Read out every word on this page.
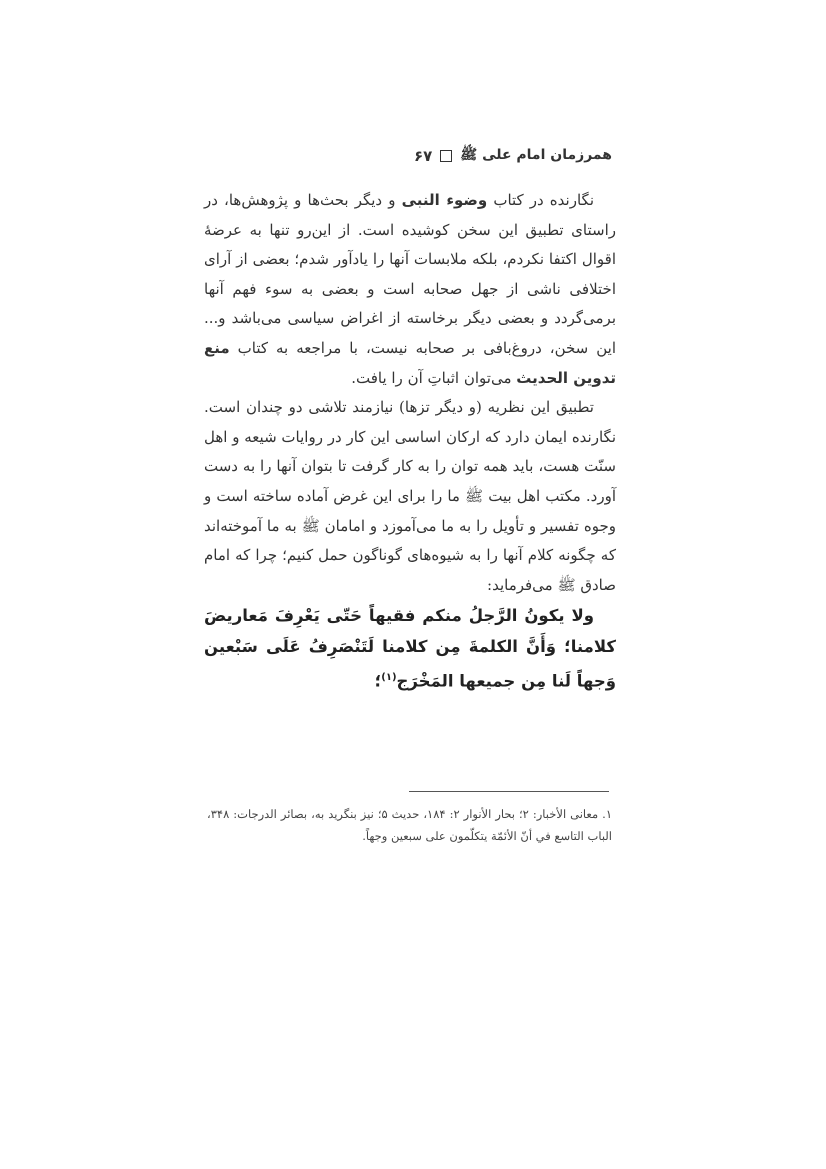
همرزمان امام علی ﷺ
۶۷

نگارنده در کتاب وضوء النبی و دیگر بحث‌ها و پژوهش‌ها، در راستای تطبیق این سخن کوشیده است. از این‌رو تنها به عرضهٔ اقوال اکتفا نکردم، بلکه ملابسات آنها را یادآور شدم؛ بعضی از آرای اختلافی ناشی از جهل صحابه است و بعضی به سوء فهم آنها برمی‌گردد و بعضی دیگر برخاسته از اغراض سیاسی می‌باشد و... این سخن، دروغ‌بافی بر صحابه نیست، با مراجعه به کتاب منع تدوین الحدیث می‌توان اثباتِ آن را یافت.

تطبیق این نظریه (و دیگر تزها) نیازمند تلاشی دو چندان است. نگارنده ایمان دارد که ارکان اساسی این کار در روایات شیعه و اهل سنّت هست، باید همه توان را به کار گرفت تا بتوان آنها را به دست آورد. مکتب اهل بیت ﷺ ما را برای این غرض آماده ساخته است و وجوه تفسیر و تأویل را به ما می‌آموزد و امامان ﷺ به ما آموخته‌اند که چگونه کلام آنها را به شیوه‌های گوناگون حمل کنیم؛ چرا که امام صادق ﷺ می‌فرماید:

ولا يكونُ الرَّجلُ منكم فقيهاً حَتّى يَعْرِفَ مَعاريضَ كلامنا؛ وَأَنَّ الكلمةَ مِن كلامنا لَتَنْصَرِفُ عَلَى سَبْعين وَجهاً لَنا مِن جميعها المَخْرَج$^{(۱)}$؛

۱. معانی الأخبار: ۲؛ بحار الأنوار ۲: ۱۸۴، حدیث ۵؛ نیز بنگرید به، بصائر الدرجات: ۳۴۸، الباب التاسع في أنّ الأئمّة يتكلّمون على سبعين وجهاً.
